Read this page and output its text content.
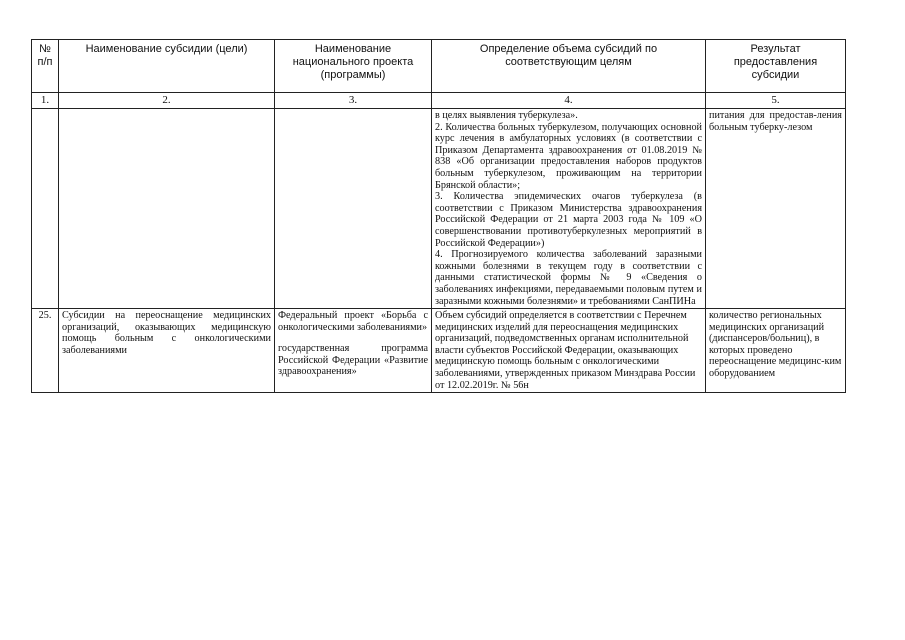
№ п/п	Наименование субсидии (цели)	Наименование национального проекта (программы)	Определение объема субсидий по соответствующим целям	Результат предоставления субсидии
1.	2.	3.	4.	5.

			в целях выявления туберкулеза».

2. Количества больных туберкулезом, получающих основной курс лечения в амбулаторных условиях (в соответствии с Приказом Департамента здравоохранения от 01.08.2019 № 838 «Об организации предоставления наборов продуктов больным туберкулезом, проживающим на территории Брянской области»;

3. Количества эпидемических очагов туберкулеза (в соответствии с Приказом Министерства здравоохранения Российской Федерации от 21 марта 2003 года № 109 «О совершенствовании противотуберкулезных мероприятий в Российской Федерации»)

4. Прогнозируемого количества заболеваний заразными кожными болезнями в текущем году в соответствии с данными статистической формы № 9 «Сведения о заболеваниях инфекциями, передаваемыми половым путем и заразными кожными болезнями» и требованиями СанПИНа	питания для предостав-ления больным туберку-лезом
25.	Субсидии на переоснащение медицинских организаций, оказывающих медицинскую помощь больным с онкологическими заболеваниями	Федеральный проект «Борьба с онкологическими заболеваниями»

государственная программа Российской Федерации «Развитие здравоохранения»	Объем субсидий определяется в соответствии с Перечнем медицинских изделий для переоснащения медицинских организаций, подведомственных органам исполнительной власти субъектов Российской Федерации, оказывающих медицинскую помощь больным с онкологическими заболеваниями, утвержденных приказом Минздрава России от 12.02.2019г. № 56н	количество региональных медицинских организаций (диспансеров/больниц), в которых проведено переоснащение медицинс-ким оборудованием
